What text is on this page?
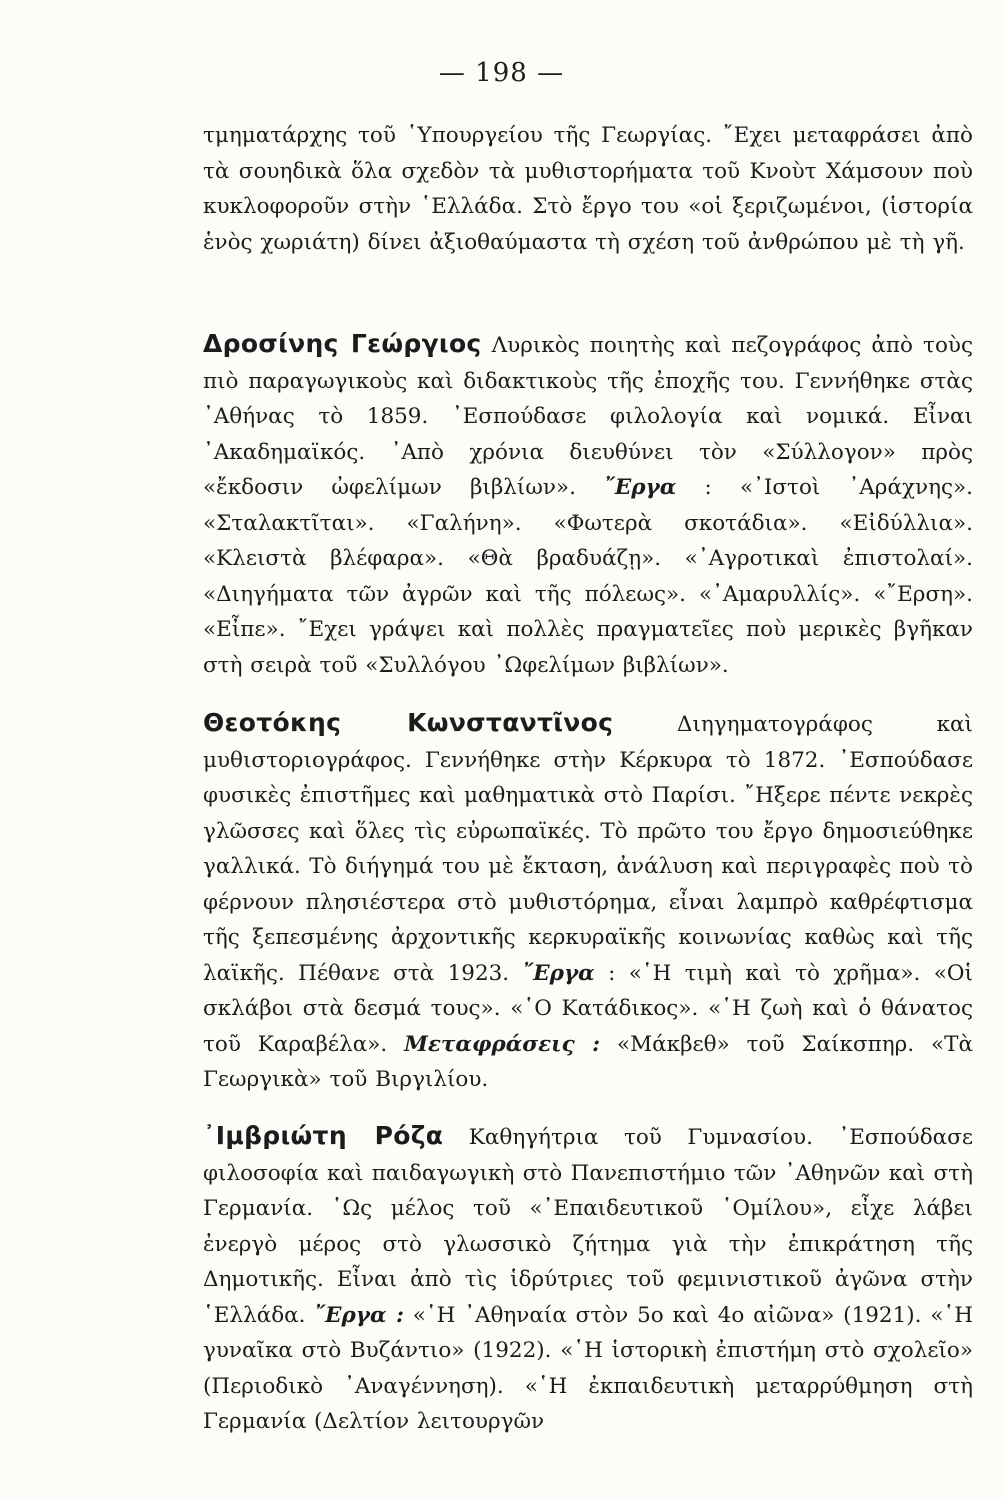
— 198 —
τμηματάρχης τοῦ ῾Υπουργείου τῆς Γεωργίας. ῎Εχει μεταφράσει ἀπὸ τὰ σουηδικὰ ὅλα σχεδὸν τὰ μυθιστορήματα τοῦ Κνοὺτ Χάμσουν ποὺ κυκλοφοροῦν στὴν ῾Ελλάδα. Στὸ ἔργο του «οἱ ξεριζωμένοι, (ἱστορία ἑνὸς χωριάτη) δίνει ἀξιοθαύμαστα τὴ σχέση τοῦ ἀνθρώπου μὲ τὴ γῆ.
Δροσίνης Γεώργιος Λυρικὸς ποιητὴς καὶ πεζογράφος ἀπὸ τοὺς πιὸ παραγωγικοὺς καὶ διδακτικοὺς τῆς ἐποχῆς του. Γεννήθηκε στὰς ᾿Αθήνας τὸ 1859. ᾿Εσπούδασε φιλολογία καὶ νομικά. Εἶναι ᾿Ακαδημαϊκός. ᾿Απὸ χρόνια διευθύνει τὸν «Σύλλογον» πρὸς «ἔκδοσιν ὠφελίμων βιβλίων». ῎Εργα : «᾿Ιστοὶ ᾿Αράχνης». «Σταλακτῖται». «Γαλήνη». «Φωτερὰ σκοτάδια». «Εἰδύλλια». «Κλειστὰ βλέφαρα». «Θὰ βραδυάζῃ». «᾿Αγροτικαὶ ἐπιστολαί». «Διηγήματα τῶν ἀγρῶν καὶ τῆς πόλεως». «᾿Αμαρυλλίς». «῎Ερση». «Εἶπε». ῎Εχει γράψει καὶ πολλὲς πραγματεῖες ποὺ μερικὲς βγῆκαν στὴ σειρὰ τοῦ «Συλλόγου ᾿Ωφελίμων βιβλίων».
Θεοτόκης Κωνσταντῖνος Διηγηματογράφος καὶ μυθιστοριογράφος. Γεννήθηκε στὴν Κέρκυρα τὸ 1872. ᾿Εσπούδασε φυσικὲς ἐπιστῆμες καὶ μαθηματικὰ στὸ Παρίσι. ῎Ηξερε πέντε νεκρὲς γλῶσσες καὶ ὅλες τὶς εὐρωπαϊκές. Τὸ πρῶτο του ἔργο δημοσιεύθηκε γαλλικά. Τὸ διήγημά του μὲ ἔκταση, ἀνάλυση καὶ περιγραφὲς ποὺ τὸ φέρνουν πλησιέστερα στὸ μυθιστόρημα, εἶναι λαμπρὸ καθρέφτισμα τῆς ξεπεσμένης ἀρχοντικῆς κερκυραϊκῆς κοινωνίας καθὼς καὶ τῆς λαϊκῆς. Πέθανε στὰ 1923. ῎Εργα : «῾Η τιμὴ καὶ τὸ χρῆμα». «Οἱ σκλάβοι στὰ δεσμά τους». «῾Ο Κατάδικος». «῾Η ζωὴ καὶ ὁ θάνατος τοῦ Καραβέλα». Μεταφράσεις : «Μάκβεθ» τοῦ Σαίκσπηρ. «Τὰ Γεωργικὰ» τοῦ Βιργιλίου.
᾿Ιμβριώτη Ρόζα Καθηγήτρια τοῦ Γυμνασίου. ᾿Εσπούδασε φιλοσοφία καὶ παιδαγωγικὴ στὸ Πανεπιστήμιο τῶν ᾿Αθηνῶν καὶ στὴ Γερμανία. ῾Ως μέλος τοῦ «᾿Επαιδευτικοῦ ῾Ομίλου», εἶχε λάβει ἐνεργὸ μέρος στὸ γλωσσικὸ ζήτημα γιὰ τὴν ἐπικράτηση τῆς Δημοτικῆς. Εἶναι ἀπὸ τὶς ἱδρύτριες τοῦ φεμινιστικοῦ ἀγῶνα στὴν ῾Ελλάδα. ῎Εργα : «῾Η ᾿Αθηναία στὸν 5ο καὶ 4ο αἰῶνα» (1921). «῾Η γυναῖκα στὸ Βυζάντιο» (1922). «῾Η ἱστορικὴ ἐπιστήμη στὸ σχολεῖο» (Περιοδικὸ ᾿Αναγέννηση). «῾Η ἐκπαιδευτικὴ μεταρρύθμηση στὴ Γερμανία (Δελτίον λειτουργῶν
